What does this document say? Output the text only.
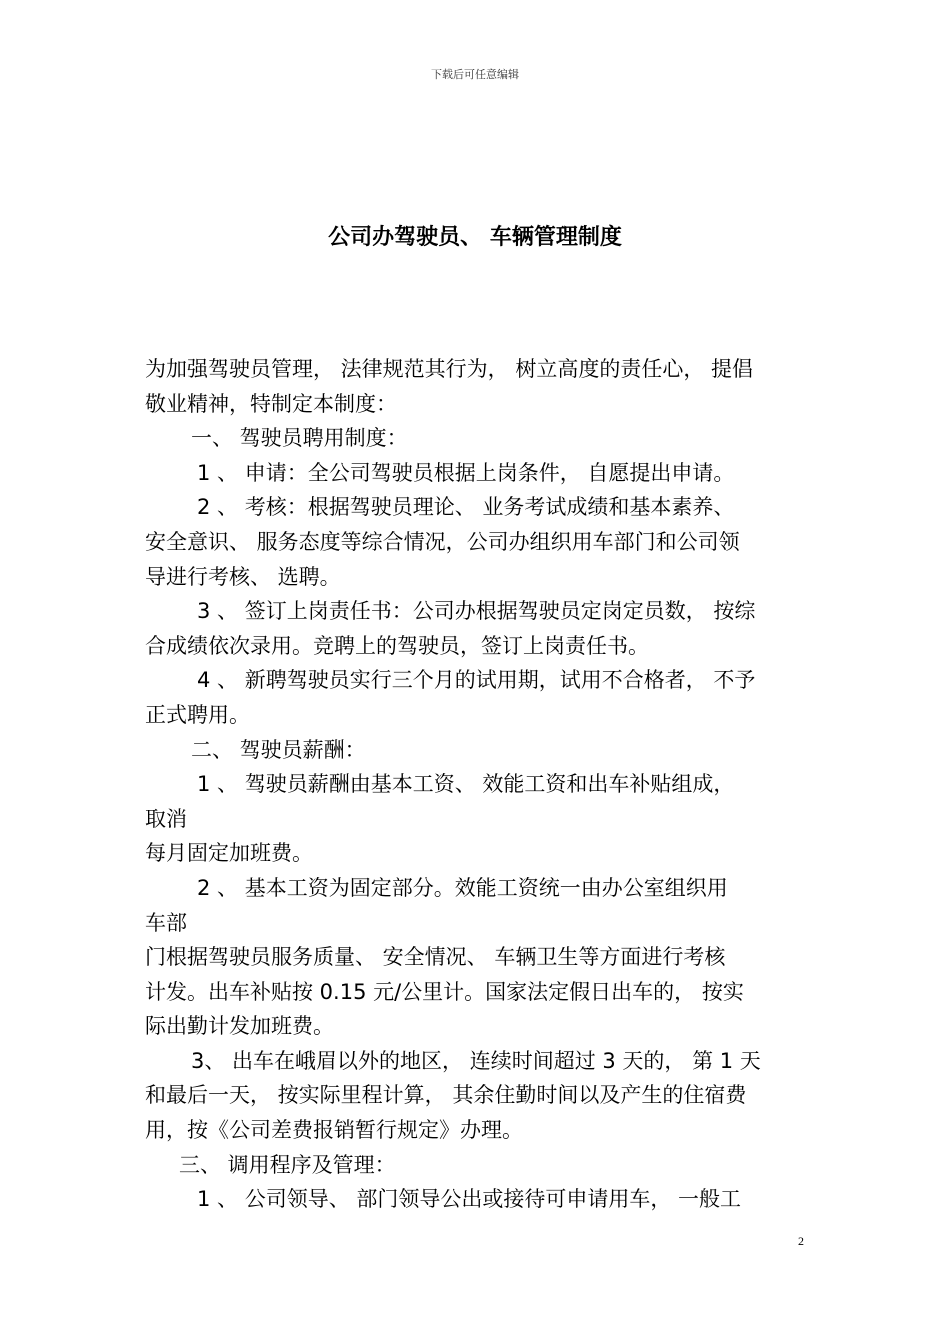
下载后可任意编辑
公司办驾驶员、 车辆管理制度
为加强驾驶员管理， 法律规范其行为， 树立高度的责任心， 提倡
敬业精神，特制定本制度：
一、 驾驶员聘用制度：
1 、 申请：全公司驾驶员根据上岗条件， 自愿提出申请。
2 、 考核：根据驾驶员理论、 业务考试成绩和基本素养、
安全意识、 服务态度等综合情况，公司办组织用车部门和公司领
导进行考核、 选聘。
3 、 签订上岗责任书：公司办根据驾驶员定岗定员数， 按综
合成绩依次录用。竞聘上的驾驶员，签订上岗责任书。
4 、 新聘驾驶员实行三个月的试用期，试用不合格者， 不予
正式聘用。
二、 驾驶员薪酬：
1 、 驾驶员薪酬由基本工资、 效能工资和出车补贴组成，
取消
每月固定加班费。
2 、 基本工资为固定部分。效能工资统一由办公室组织用
车部
门根据驾驶员服务质量、 安全情况、 车辆卫生等方面进行考核
计发。出车补贴按 0.15 元/公里计。国家法定假日出车的， 按实
际出勤计发加班费。
3、 出车在峨眉以外的地区， 连续时间超过 3 天的， 第 1 天
和最后一天， 按实际里程计算， 其余住勤时间以及产生的住宿费
用，按《公司差费报销暂行规定》办理。
三、 调用程序及管理：
1 、 公司领导、 部门领导公出或接待可申请用车， 一般工
2
